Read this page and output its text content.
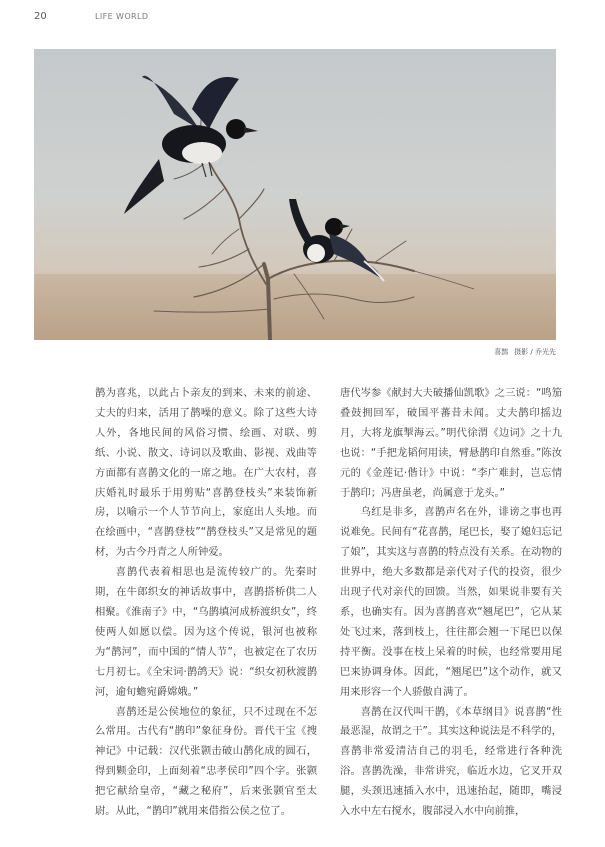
20	LIFE WORLD
喜鹊 摄影 / 乔光先

鹊为喜兆，以此占卜亲友的到来、未来的前途、丈夫的归来，活用了鹊噪的意义。除了这些大诗人外，各地民间的风俗习惯、绘画、对联、剪纸、小说、散文、诗词以及歌曲、影视、戏曲等方面都有喜鹊文化的一席之地。在广大农村，喜庆婚礼时最乐于用剪贴“喜鹊登枝头”来装饰新房，以喻示一个人节节向上，家庭出人头地。而在绘画中，“喜鹊登枝”“鹊登枝头”又是常见的题材，为古今丹青之人所钟爱。

喜鹊代表着相思也是流传较广的。先秦时期，在牛郎织女的神话故事中，喜鹊搭桥供二人相聚。《淮南子》中，“乌鹊填河成桥渡织女”，终使两人如愿以偿。因为这个传说，银河也被称为“鹊河”，而中国的“情人节”，也被定在了农历七月初七。《全宋词·鹊鸽天》说：“织女初秋渡鹊河，逾旬蟾宛爵嫦娥。”

喜鹊还是公侯地位的象征，只不过现在不怎么常用。古代有“鹊印”象征身份。晋代干宝《搜神记》中记载：汉代张颢击破山鹊化成的圆石，得到颗金印，上面刻着“忠孝侯印”四个字。张颢把它献给皇帝，“藏之秘府”，后来张颢官至太尉。从此，“鹊印”就用来借指公侯之位了。

唐代岑参《献封大夫破播仙凯歌》之三说：“鸣笳叠鼓拥回军，破国平蕃昔未闻。丈夫鹊印摇边月，大将龙旗掣海云。”明代徐渭《边词》之十九也说：“手把龙韬何用读，臂悬鹊印自然垂。”陈汝元的《金莲记·偕计》中说：“李广难封，岂忘情于鹊印；冯唐虽老，尚属意于龙头。”

乌红是非多，喜鹊声名在外，诽谤之事也再说难免。民间有“花喜鹊，尾巴长，娶了媳妇忘记了娘”，其实这与喜鹊的特点没有关系。在动物的世界中，绝大多数都是亲代对子代的投资，很少出现子代对亲代的回馈。当然，如果说非要有关系，也确实有。因为喜鹊喜欢“翘尾巴”，它从某处飞过来，落到枝上，往往都会翘一下尾巴以保持平衡。没事在枝上呆着的时候，也经常要用尾巴来协调身体。因此，“翘尾巴”这个动作，就又用来形容一个人骄傲自满了。

喜鹊在汉代叫干鹊，《本草纲目》说喜鹊“性最恶湿，故谓之干”。其实这种说法是不科学的，喜鹊非常爱清洁自己的羽毛，经常进行各种洗浴。喜鹊洗澡，非常讲究，临近水边，它叉开双腿，头颈迅速插入水中，迅速抬起，随即，嘴浸入水中左右搅水，腹部浸入水中向前推，
